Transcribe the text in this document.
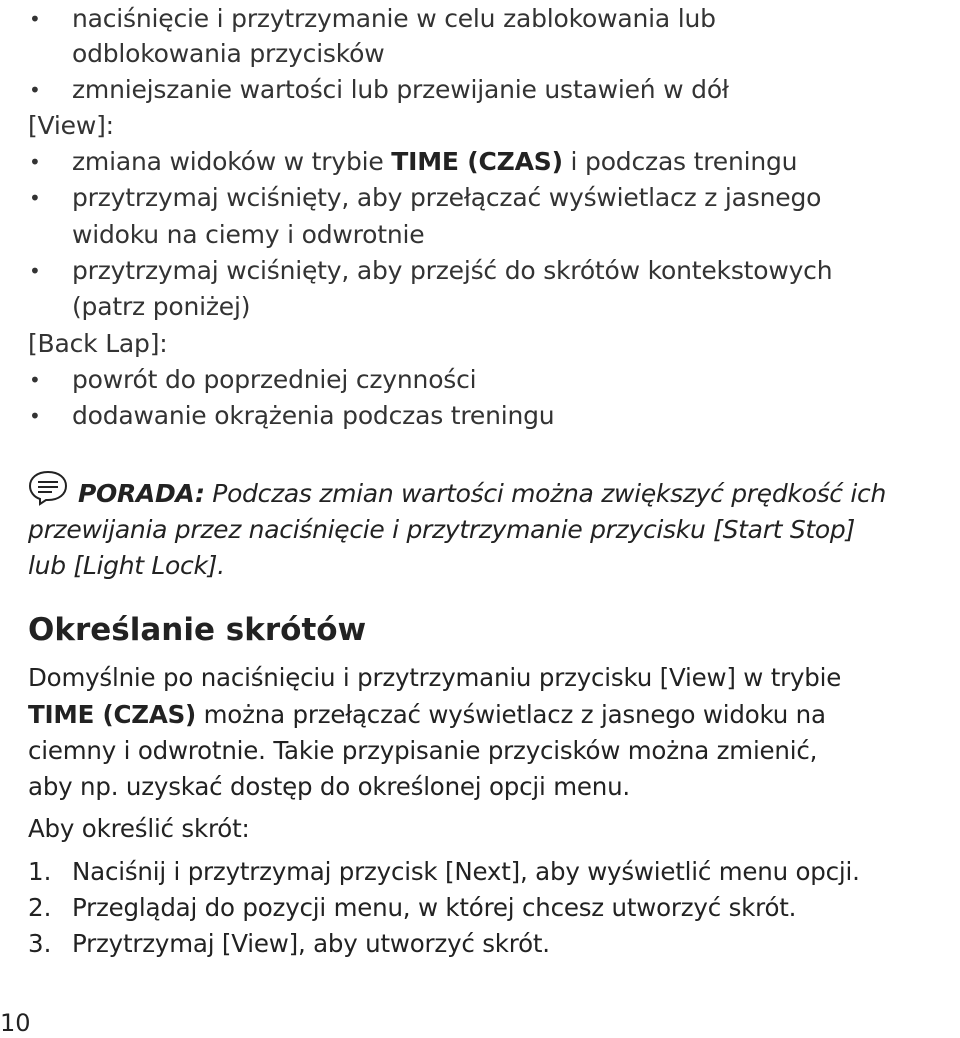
• naciśnięcie i przytrzymanie w celu zablokowania lub
odblokowania przycisków
• zmniejszanie wartości lub przewijanie ustawień w dół
[View]:
• zmiana widoków w trybie TIME (CZAS) i podczas treningu
• przytrzymaj wciśnięty, aby przełączać wyświetlacz z jasnego
widoku na ciemy i odwrotnie
• przytrzymaj wciśnięty, aby przejść do skrótów kontekstowych
(patrz poniżej)
[Back Lap]:
• powrót do poprzedniej czynności
• dodawanie okrążenia podczas treningu
PORADA: Podczas zmian wartości można zwiększyć prędkość ich
przewijania przez naciśnięcie i przytrzymanie przycisku [Start Stop]
lub [Light Lock].
Określanie skrótów
Domyślnie po naciśnięciu i przytrzymaniu przycisku [View] w trybie
TIME (CZAS) można przełączać wyświetlacz z jasnego widoku na
ciemny i odwrotnie. Takie przypisanie przycisków można zmienić,
aby np. uzyskać dostęp do określonej opcji menu.
Aby określić skrót:
1. Naciśnij i przytrzymaj przycisk [Next], aby wyświetlić menu opcji.
2. Przeglądaj do pozycji menu, w której chcesz utworzyć skrót.
3. Przytrzymaj [View], aby utworzyć skrót.
10
